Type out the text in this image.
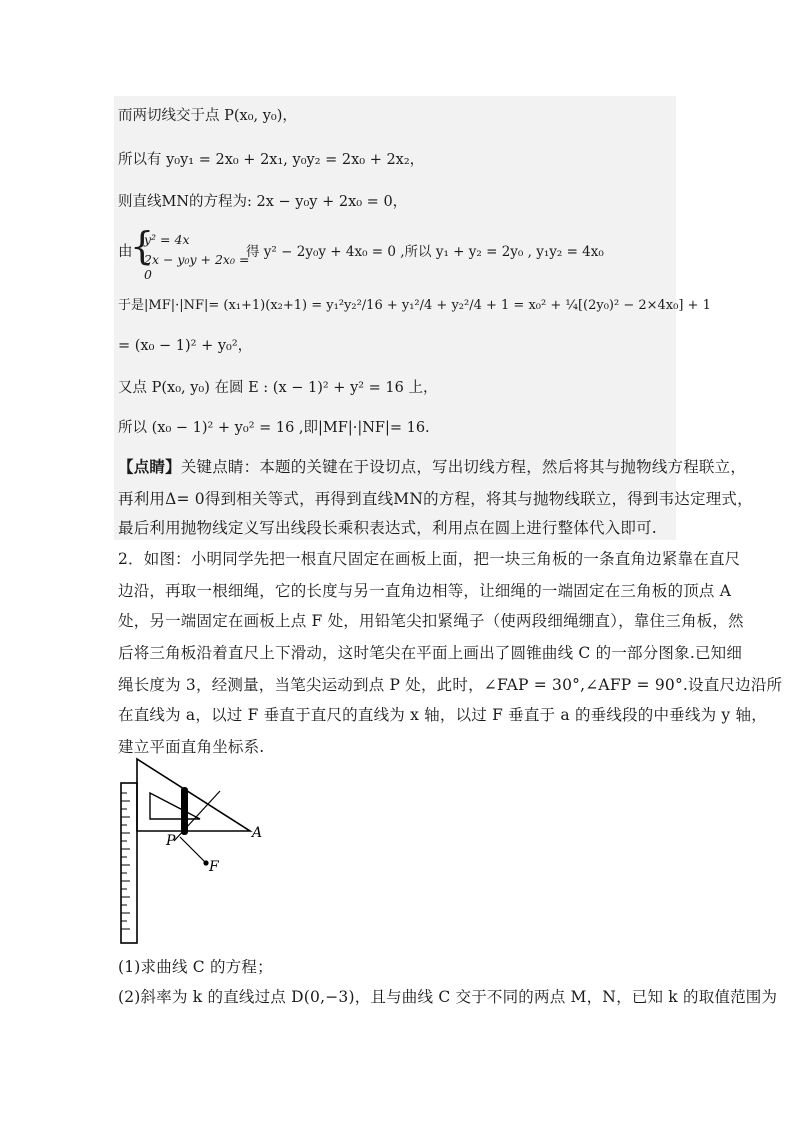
而两切线交于点 P(x₀, y₀)，
所以有 y₀y₁ = 2x₀ + 2x₁, y₀y₂ = 2x₀ + 2x₂，
则直线MN的方程为: 2x − y₀y + 2x₀ = 0，
由
{
y² = 4x
2x − y₀y + 2x₀ = 0
得 y² − 2y₀y + 4x₀ = 0 ,所以 y₁ + y₂ = 2y₀ , y₁y₂ = 4x₀
于是|MF|·|NF|= (x₁+1)(x₂+1) = y₁²y₂²/16 + y₁²/4 + y₂²/4 + 1 = x₀² + ¼[(2y₀)² − 2×4x₀] + 1
= (x₀ − 1)² + y₀²，
又点 P(x₀, y₀) 在圆 E : (x − 1)² + y² = 16 上，
所以 (x₀ − 1)² + y₀² = 16 ,即|MF|·|NF|= 16.
【点睛】关键点睛：本题的关键在于设切点，写出切线方程，然后将其与抛物线方程联立，
再利用Δ= 0得到相关等式，再得到直线MN的方程，将其与抛物线联立，得到韦达定理式，
最后利用抛物线定义写出线段长乘积表达式，利用点在圆上进行整体代入即可.
2．如图：小明同学先把一根直尺固定在画板上面，把一块三角板的一条直角边紧靠在直尺
边沿，再取一根细绳，它的长度与另一直角边相等，让细绳的一端固定在三角板的顶点 A
处，另一端固定在画板上点 F 处，用铅笔尖扣紧绳子（使两段细绳绷直），靠住三角板，然
后将三角板沿着直尺上下滑动，这时笔尖在平面上画出了圆锥曲线 C 的一部分图象.已知细
绳长度为 3，经测量，当笔尖运动到点 P 处，此时，∠FAP = 30°,∠AFP = 90°.设直尺边沿所
在直线为 a，以过 F 垂直于直尺的直线为 x 轴，以过 F 垂直于 a 的垂线段的中垂线为 y 轴，
建立平面直角坐标系.
P	A
F
(1)求曲线 C 的方程；
(2)斜率为 k 的直线过点 D(0,−3)，且与曲线 C 交于不同的两点 M，N，已知 k 的取值范围为
